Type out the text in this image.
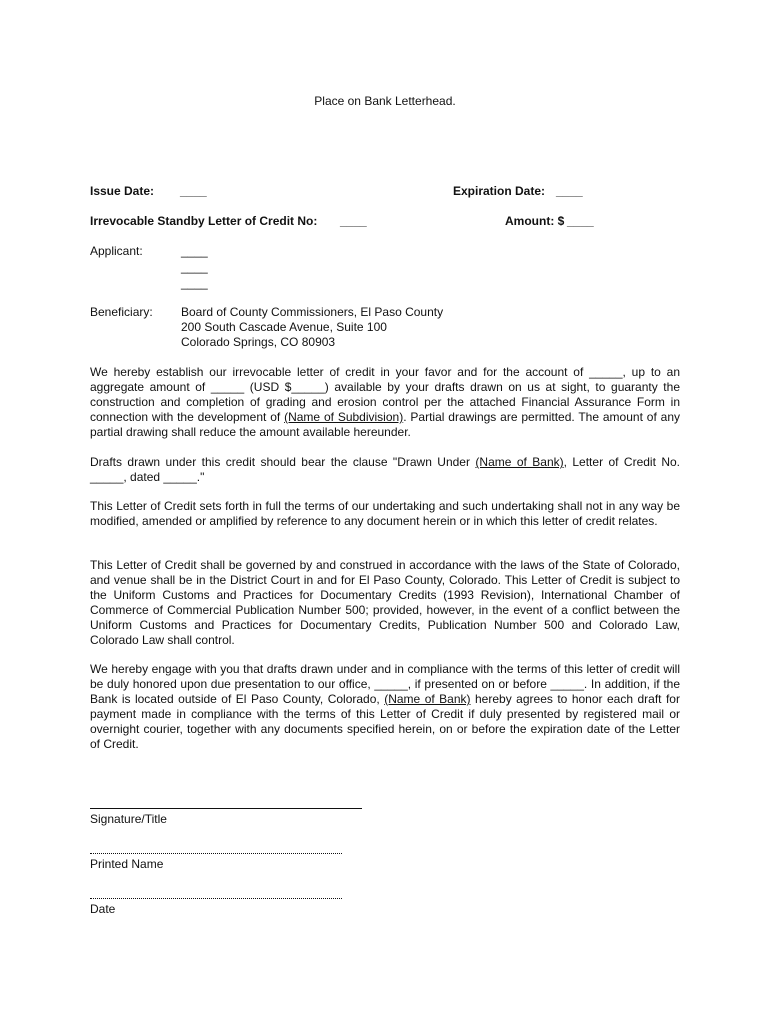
Place on Bank Letterhead.
Issue Date: ____	Expiration Date: ____
Irrevocable Standby Letter of Credit No: ____	Amount: $ ____
Applicant:	____
____
____
Beneficiary: Board of County Commissioners, El Paso County
200 South Cascade Avenue, Suite 100
Colorado Springs, CO 80903
We hereby establish our irrevocable letter of credit in your favor and for the account of _____, up to an aggregate amount of _____ (USD $_____) available by your drafts drawn on us at sight, to guaranty the construction and completion of grading and erosion control per the attached Financial Assurance Form in connection with the development of (Name of Subdivision). Partial drawings are permitted. The amount of any partial drawing shall reduce the amount available hereunder.
Drafts drawn under this credit should bear the clause "Drawn Under (Name of Bank), Letter of Credit No. _____, dated _____."
This Letter of Credit sets forth in full the terms of our undertaking and such undertaking shall not in any way be modified, amended or amplified by reference to any document herein or in which this letter of credit relates.
This Letter of Credit shall be governed by and construed in accordance with the laws of the State of Colorado, and venue shall be in the District Court in and for El Paso County, Colorado. This Letter of Credit is subject to the Uniform Customs and Practices for Documentary Credits (1993 Revision), International Chamber of Commerce of Commercial Publication Number 500; provided, however, in the event of a conflict between the Uniform Customs and Practices for Documentary Credits, Publication Number 500 and Colorado Law, Colorado Law shall control.
We hereby engage with you that drafts drawn under and in compliance with the terms of this letter of credit will be duly honored upon due presentation to our office, _____, if presented on or before _____. In addition, if the Bank is located outside of El Paso County, Colorado, (Name of Bank) hereby agrees to honor each draft for payment made in compliance with the terms of this Letter of Credit if duly presented by registered mail or overnight courier, together with any documents specified herein, on or before the expiration date of the Letter of Credit.
Signature/Title
Printed Name
Date
